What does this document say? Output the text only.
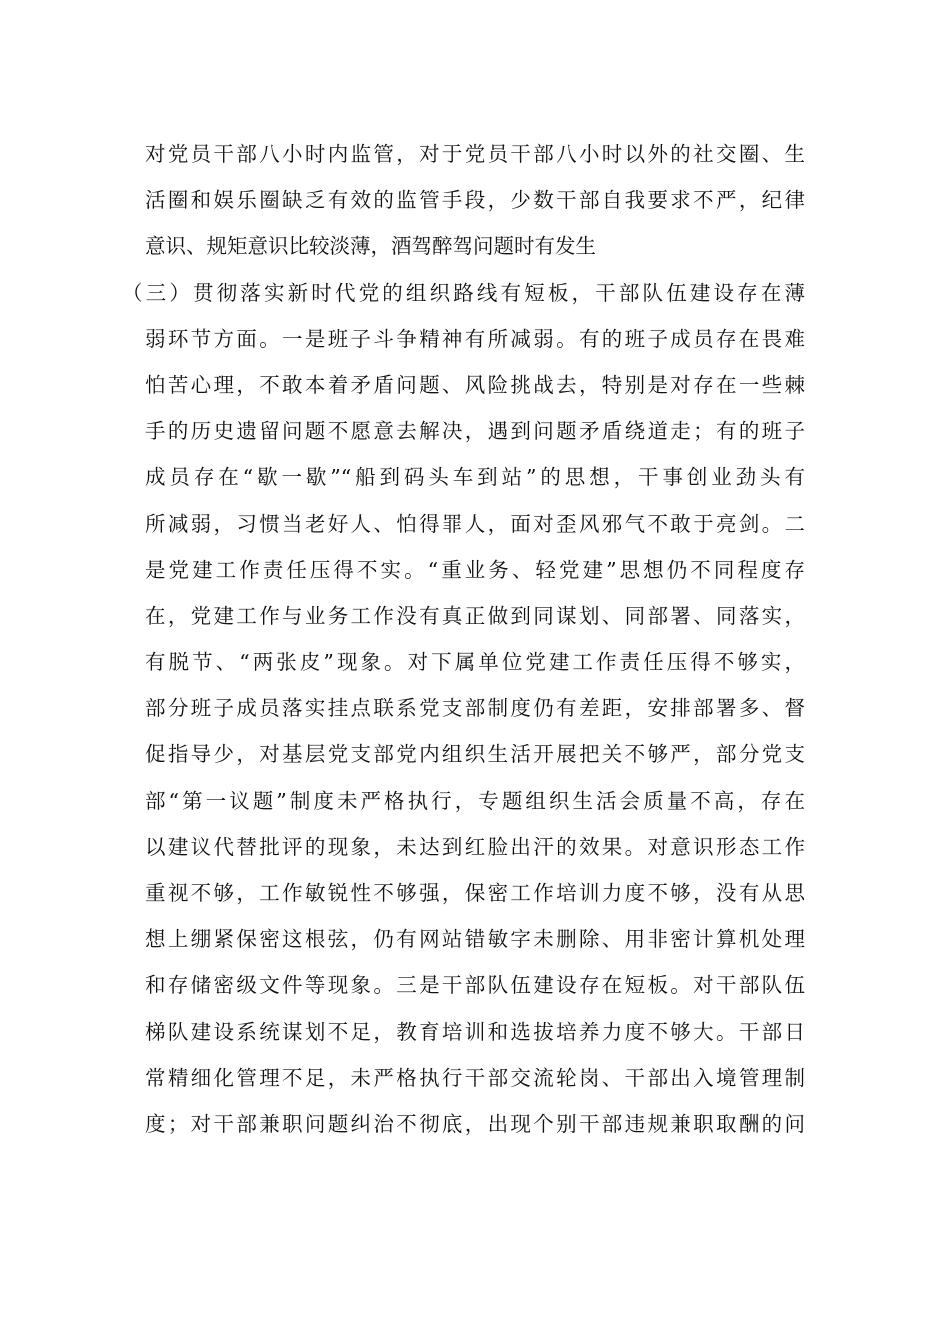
对党员干部八小时内监管，对于党员干部八小时以外的社交圈、生
活圈和娱乐圈缺乏有效的监管手段，少数干部自我要求不严，纪律
意识、规矩意识比较淡薄，酒驾醉驾问题时有发生
（三）贯彻落实新时代党的组织路线有短板，干部队伍建设存在薄
弱环节方面。一是班子斗争精神有所减弱。有的班子成员存在畏难
怕苦心理，不敢本着矛盾问题、风险挑战去，特别是对存在一些棘
手的历史遗留问题不愿意去解决，遇到问题矛盾绕道走；有的班子
成员存在“歇一歇”“船到码头车到站”的思想，干事创业劲头有
所减弱，习惯当老好人、怕得罪人，面对歪风邪气不敢于亮剑。二
是党建工作责任压得不实。“重业务、轻党建”思想仍不同程度存
在，党建工作与业务工作没有真正做到同谋划、同部署、同落实，
有脱节、“两张皮”现象。对下属单位党建工作责任压得不够实，
部分班子成员落实挂点联系党支部制度仍有差距，安排部署多、督
促指导少，对基层党支部党内组织生活开展把关不够严，部分党支
部“第一议题”制度未严格执行，专题组织生活会质量不高，存在
以建议代替批评的现象，未达到红脸出汗的效果。对意识形态工作
重视不够，工作敏锐性不够强，保密工作培训力度不够，没有从思
想上绷紧保密这根弦，仍有网站错敏字未删除、用非密计算机处理
和存储密级文件等现象。三是干部队伍建设存在短板。对干部队伍
梯队建设系统谋划不足，教育培训和选拔培养力度不够大。干部日
常精细化管理不足，未严格执行干部交流轮岗、干部出入境管理制
度；对干部兼职问题纠治不彻底，出现个别干部违规兼职取酬的问
